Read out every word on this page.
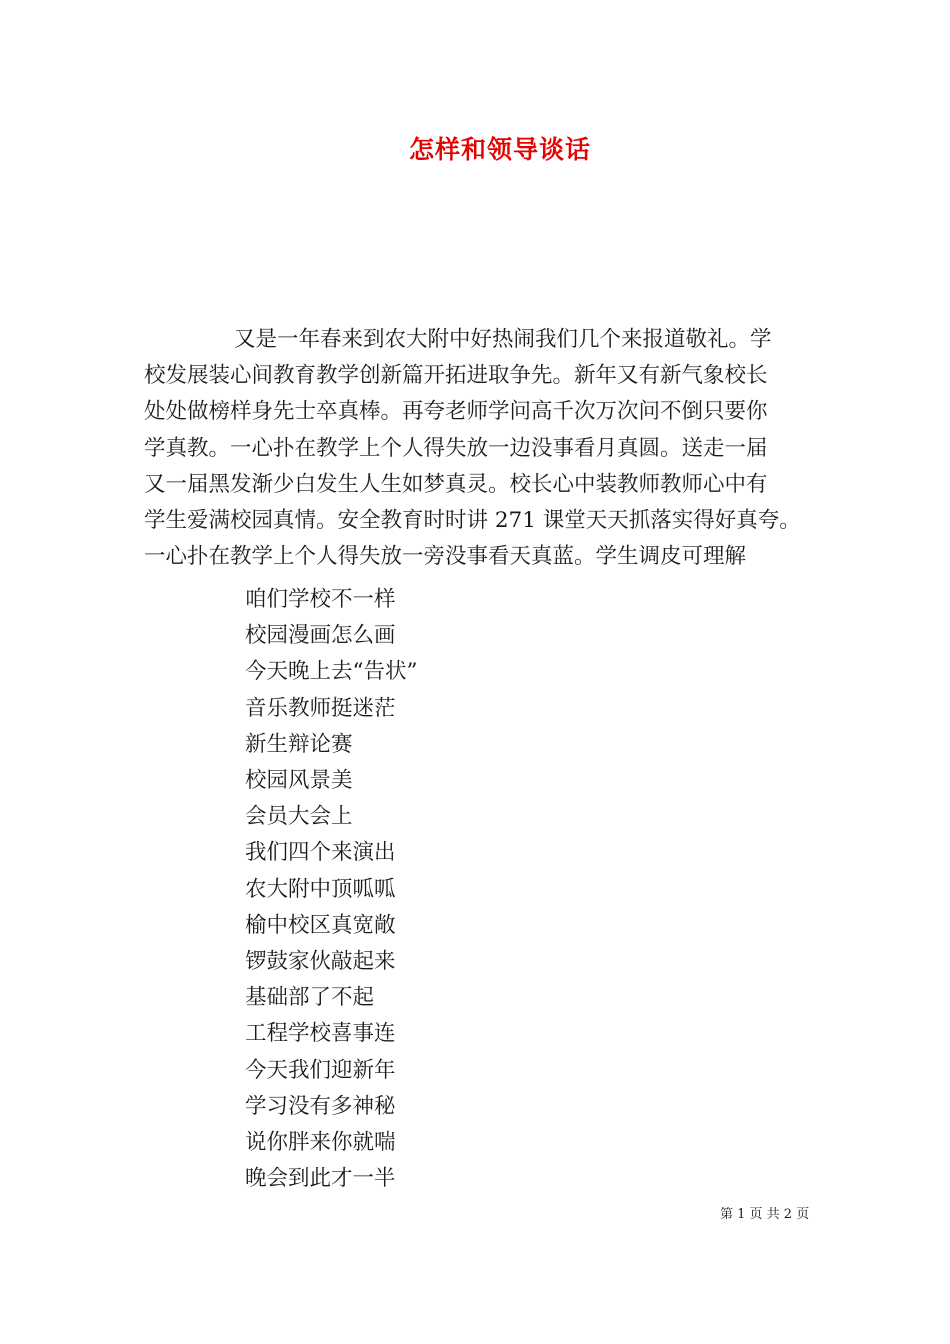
怎样和领导谈话
又是一年春来到农大附中好热闹我们几个来报道敬礼。学
校发展装心间教育教学创新篇开拓进取争先。新年又有新气象校长
处处做榜样身先士卒真棒。再夸老师学问高千次万次问不倒只要你
学真教。一心扑在教学上个人得失放一边没事看月真圆。送走一届
又一届黑发渐少白发生人生如梦真灵。校长心中装教师教师心中有
学生爱满校园真情。安全教育时时讲 271 课堂天天抓落实得好真夸。
一心扑在教学上个人得失放一旁没事看天真蓝。学生调皮可理解
咱们学校不一样
校园漫画怎么画
今天晚上去“告状”
音乐教师挺迷茫
新生辩论赛
校园风景美
会员大会上
我们四个来演出
农大附中顶呱呱
榆中校区真宽敞
锣鼓家伙敲起来
基础部了不起
工程学校喜事连
今天我们迎新年
学习没有多神秘
说你胖来你就喘
晚会到此才一半
第 1 页 共 2 页
